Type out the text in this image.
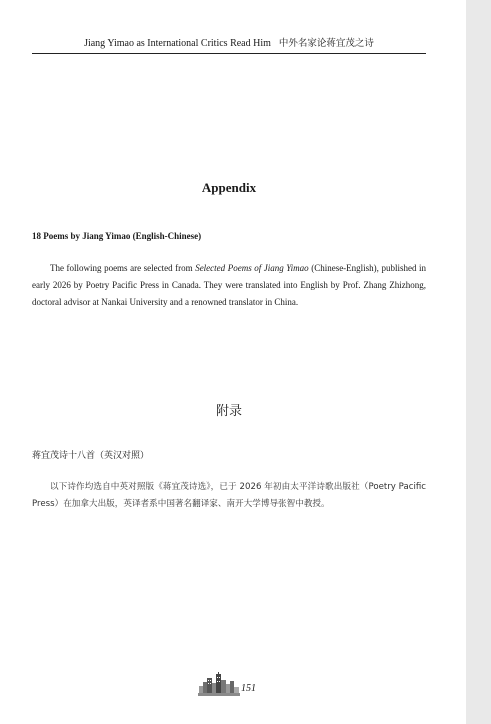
Jiang Yimao as International Critics Read Him 中外名家论蒋宜茂之诗
Appendix
18 Poems by Jiang Yimao (English-Chinese)

The following poems are selected from Selected Poems of Jiang Yimao (Chinese-English), published in early 2026 by Poetry Pacific Press in Canada. They were translated into English by Prof. Zhang Zhizhong, doctoral advisor at Nankai University and a renowned translator in China.

附录
蒋宜茂诗十八首（英汉对照）

以下诗作均选自中英对照版《蒋宜茂诗选》，已于 2026 年初由太平洋诗歌出版社（Poetry Pacific Press）在加拿大出版，英译者系中国著名翻译家、南开大学博导张智中教授。

151
